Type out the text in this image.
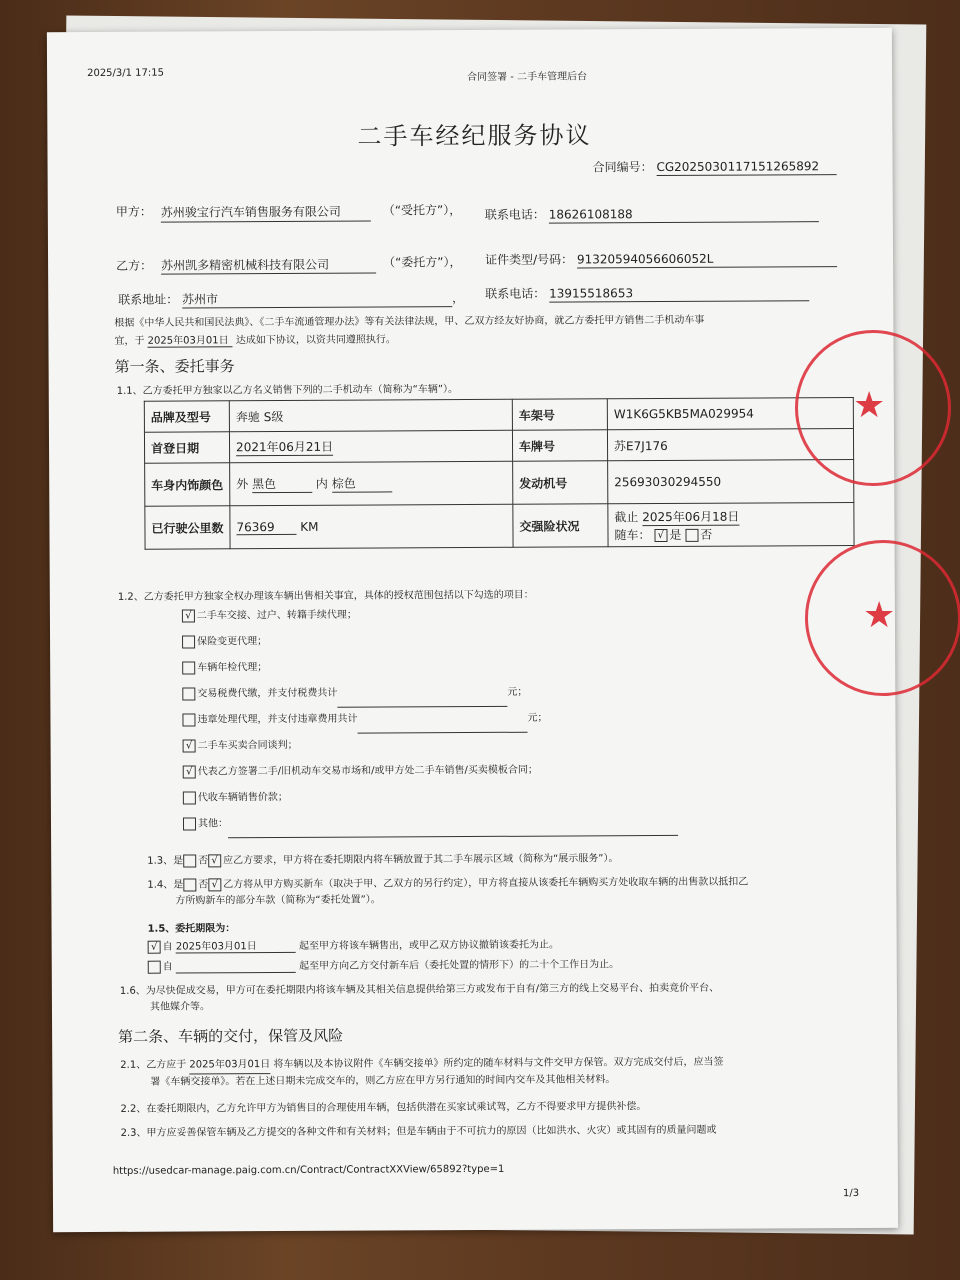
2025/3/1 17:15	合同签署 - 二手车管理后台
二手车经纪服务协议
合同编号： CG2025030117151265892
甲方： 苏州骏宝行汽车销售服务有限公司	（“受托方”）， 联系电话： 18626108188
乙方： 苏州凯多精密机械科技有限公司	（“委托方”）， 证件类型/号码： 91320594056606052L
联系地址： 苏州市	， 联系电话： 13915518653
根据《中华人民共和国民法典》、《二手车流通管理办法》等有关法律法规，甲、乙双方经友好协商，就乙方委托甲方销售二手机动车事
宜，于 2025年03月01日 达成如下协议，以资共同遵照执行。
第一条、委托事务
1.1、乙方委托甲方独家以乙方名义销售下列的二手机动车（简称为“车辆”）。
品牌及型号	奔驰 S级	车架号	W1K6G5KB5MA029954
首登日期	2021年06月21日	车牌号	苏E7J176
车身内饰颜色	外 黑色 内 棕色	发动机号	25693030294550
已行驶公里数	76369 KM	交强险状况	截止 2025年06月18日
随车： √ 是 否
1.2、乙方委托甲方独家全权办理该车辆出售相关事宜，具体的授权范围包括以下勾选的项目：
√ 二手车交接、过户、转籍手续代理；
保险变更代理；
车辆年检代理；
交易税费代缴，并支付税费共计	元；
违章处理代理，并支付违章费用共计	元；
√ 二手车买卖合同谈判；
√ 代表乙方签署二手/旧机动车交易市场和/或甲方处二手车销售/买卖模板合同；
代收车辆销售价款；
其他：
1.3、是 否 √ 应乙方要求，甲方将在委托期限内将车辆放置于其二手车展示区域（简称为“展示服务”）。
1.4、是 否 √ 乙方将从甲方购买新车（取决于甲、乙双方的另行约定），甲方将直接从该委托车辆购买方处收取车辆的出售款以抵扣乙
方所购新车的部分车款（简称为“委托处置”）。
1.5、委托期限为：
√ 自 2025年03月01日	起至甲方将该车辆售出，或甲乙双方协议撤销该委托为止。
自	起至甲方向乙方交付新车后（委托处置的情形下）的二十个工作日为止。
1.6、为尽快促成交易，甲方可在委托期限内将该车辆及其相关信息提供给第三方或发布于自有/第三方的线上交易平台、拍卖竞价平台、
其他媒介等。
第二条、车辆的交付，保管及风险
2.1、乙方应于 2025年03月01日 将车辆以及本协议附件《车辆交接单》所约定的随车材料与文件交甲方保管。双方完成交付后，应当签
署《车辆交接单》。若在上述日期未完成交车的，则乙方应在甲方另行通知的时间内交车及其他相关材料。
2.2、在委托期限内，乙方允许甲方为销售目的合理使用车辆，包括供潜在买家试乘试驾，乙方不得要求甲方提供补偿。
2.3、甲方应妥善保管车辆及乙方提交的各种文件和有关材料；但是车辆由于不可抗力的原因（比如洪水、火灾）或其固有的质量问题或
https://usedcar-manage.paig.com.cn/Contract/ContractXXView/65892?type=1
1/3
★
★
